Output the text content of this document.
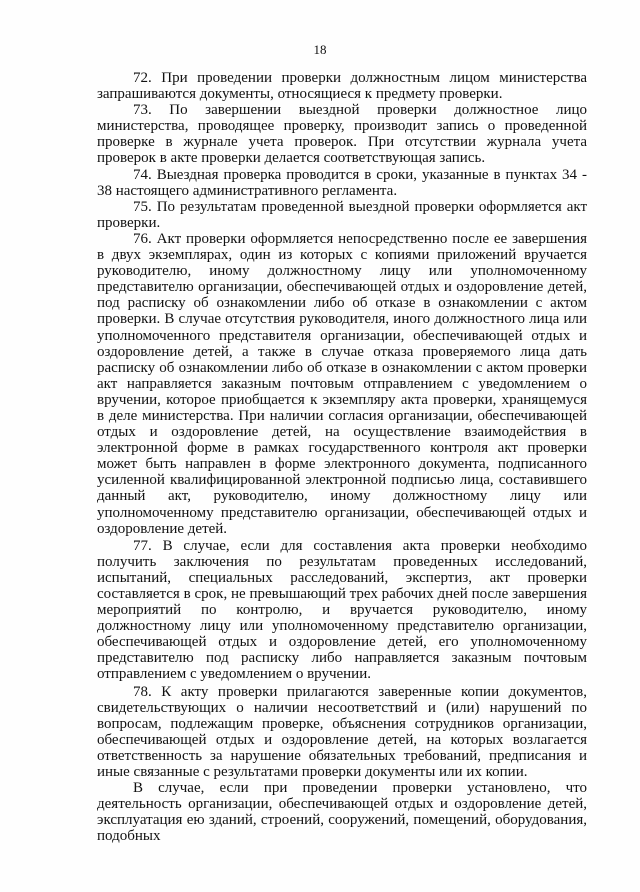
18

72. При проведении проверки должностным лицом министерства запрашиваются документы, относящиеся к предмету проверки.

73. По завершении выездной проверки должностное лицо министерства, проводящее проверку, производит запись о проведенной проверке в журнале учета проверок. При отсутствии журнала учета проверок в акте проверки делается соответствующая запись.

74. Выездная проверка проводится в сроки, указанные в пунктах 34 - 38 настоящего административного регламента.

75. По результатам проведенной выездной проверки оформляется акт проверки.

76. Акт проверки оформляется непосредственно после ее завершения в двух экземплярах, один из которых с копиями приложений вручается руководителю, иному должностному лицу или уполномоченному представителю организации, обеспечивающей отдых и оздоровление детей, под расписку об ознакомлении либо об отказе в ознакомлении с актом проверки. В случае отсутствия руководителя, иного должностного лица или уполномоченного представителя организации, обеспечивающей отдых и оздоровление детей, а также в случае отказа проверяемого лица дать расписку об ознакомлении либо об отказе в ознакомлении с актом проверки акт направляется заказным почтовым отправлением с уведомлением о вручении, которое приобщается к экземпляру акта проверки, хранящемуся в деле министерства. При наличии согласия организации, обеспечивающей отдых и оздоровление детей, на осуществление взаимодействия в электронной форме в рамках государственного контроля акт проверки может быть направлен в форме электронного документа, подписанного усиленной квалифицированной электронной подписью лица, составившего данный акт, руководителю, иному должностному лицу или уполномоченному представителю организации, обеспечивающей отдых и оздоровление детей.

77. В случае, если для составления акта проверки необходимо получить заключения по результатам проведенных исследований, испытаний, специальных расследований, экспертиз, акт проверки составляется в срок, не превышающий трех рабочих дней после завершения мероприятий по контролю, и вручается руководителю, иному должностному лицу или уполномоченному представителю организации, обеспечивающей отдых и оздоровление детей, его уполномоченному представителю под расписку либо направляется заказным почтовым отправлением с уведомлением о вручении.

78. К акту проверки прилагаются заверенные копии документов, свидетельствующих о наличии несоответствий и (или) нарушений по вопросам, подлежащим проверке, объяснения сотрудников организации, обеспечивающей отдых и оздоровление детей, на которых возлагается ответственность за нарушение обязательных требований, предписания и иные связанные с результатами проверки документы или их копии.

В случае, если при проведении проверки установлено, что деятельность организации, обеспечивающей отдых и оздоровление детей, эксплуатация ею зданий, строений, сооружений, помещений, оборудования, подобных
